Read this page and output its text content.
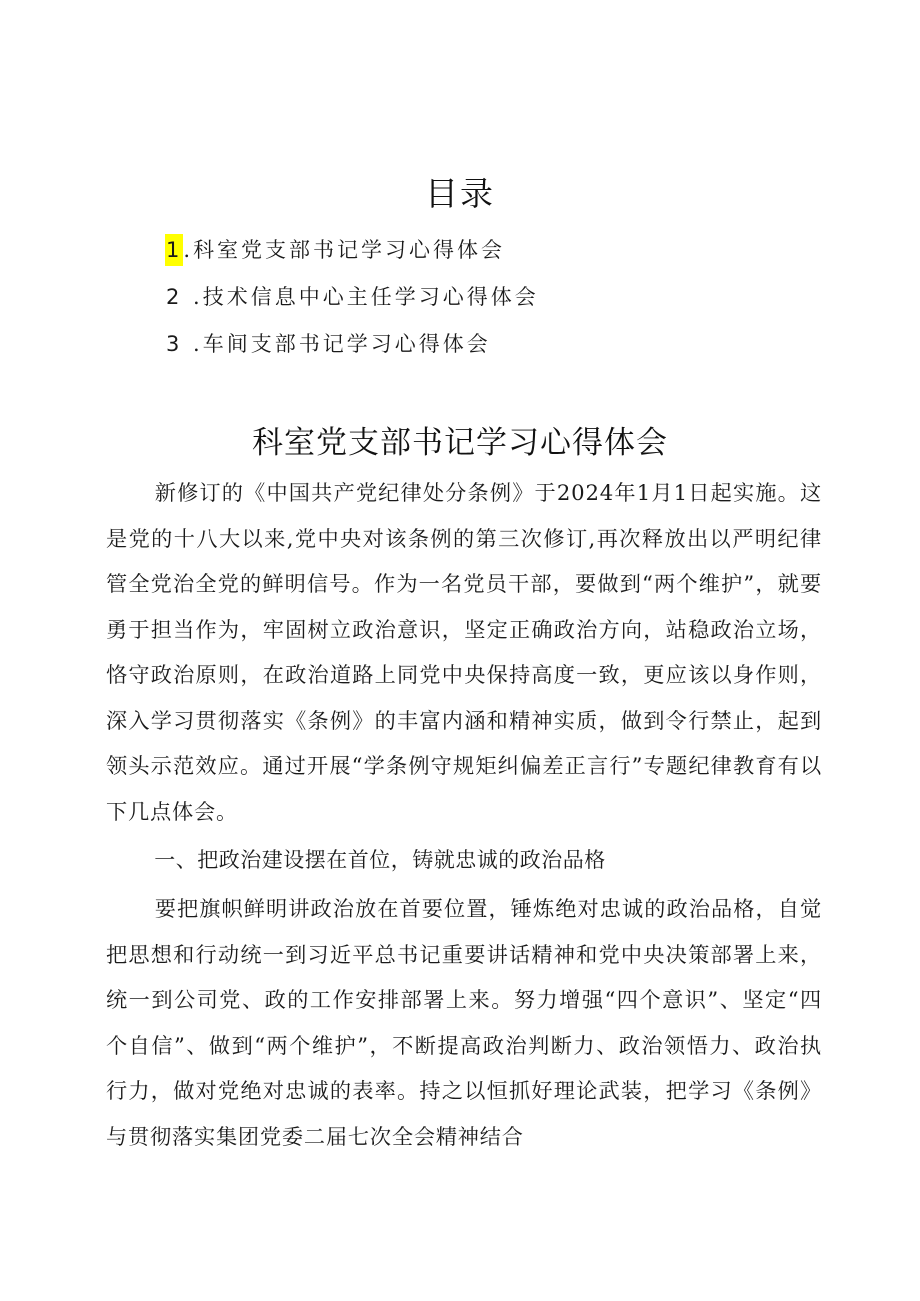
目录
1 . 科室党支部书记学习心得体会
2 . 技术信息中心主任学习心得体会
3 . 车间支部书记学习心得体会
科室党支部书记学习心得体会

新修订的《中国共产党纪律处分条例》于2024年1月1日起实施。这是党的十八大以来,党中央对该条例的第三次修订,再次释放出以严明纪律管全党治全党的鲜明信号。作为一名党员干部，要做到“两个维护”，就要勇于担当作为，牢固树立政治意识，坚定正确政治方向，站稳政治立场，恪守政治原则，在政治道路上同党中央保持高度一致，更应该以身作则，深入学习贯彻落实《条例》的丰富内涵和精神实质，做到令行禁止，起到领头示范效应。通过开展“学条例守规矩纠偏差正言行”专题纪律教育有以下几点体会。

一、把政治建设摆在首位，铸就忠诚的政治品格

要把旗帜鲜明讲政治放在首要位置，锤炼绝对忠诚的政治品格，自觉把思想和行动统一到习近平总书记重要讲话精神和党中央决策部署上来，统一到公司党、政的工作安排部署上来。努力增强“四个意识”、坚定“四个自信”、做到“两个维护”，不断提高政治判断力、政治领悟力、政治执行力，做对党绝对忠诚的表率。持之以恒抓好理论武装，把学习《条例》与贯彻落实集团党委二届七次全会精神结合
